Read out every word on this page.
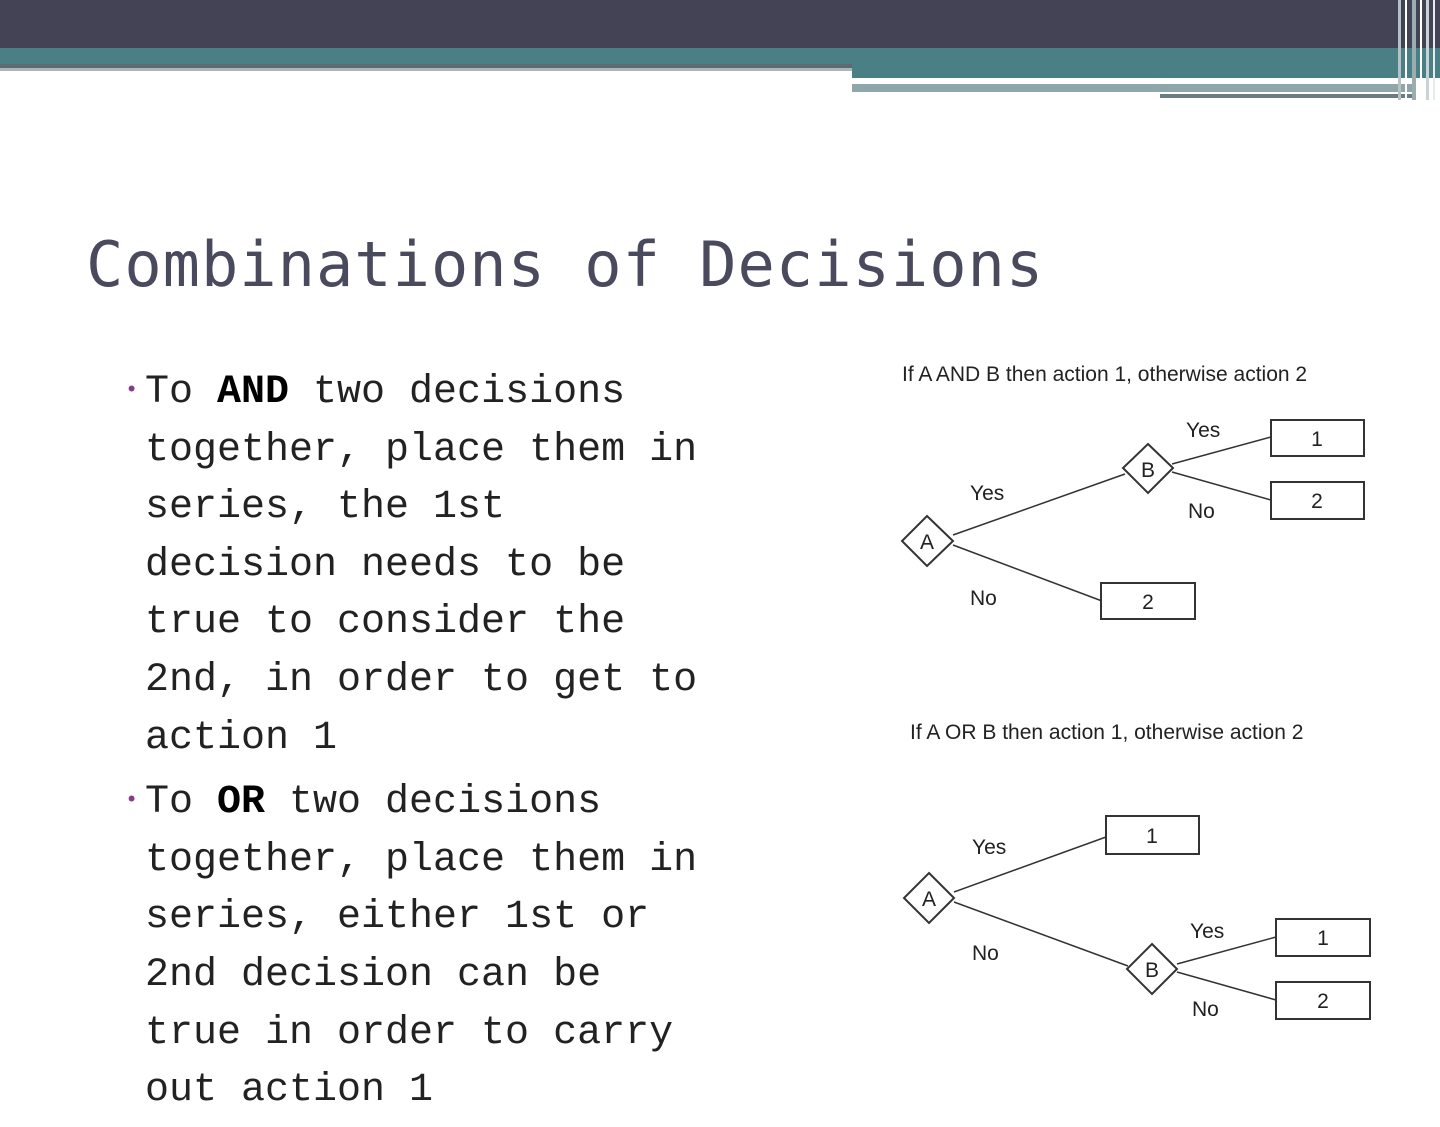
Combinations of Decisions
• To AND two decisions together, place them in series, the 1st decision needs to be true to consider the 2nd, in order to get to action 1
• To OR two decisions together, place them in series, either 1st or 2nd decision can be true in order to carry out action 1
If A AND B then action 1, otherwise action 2
A
B
Yes
No
Yes
No
1
2
2
If A OR B then action 1, otherwise action 2
A
B
Yes
No
Yes
No
1
1
2
